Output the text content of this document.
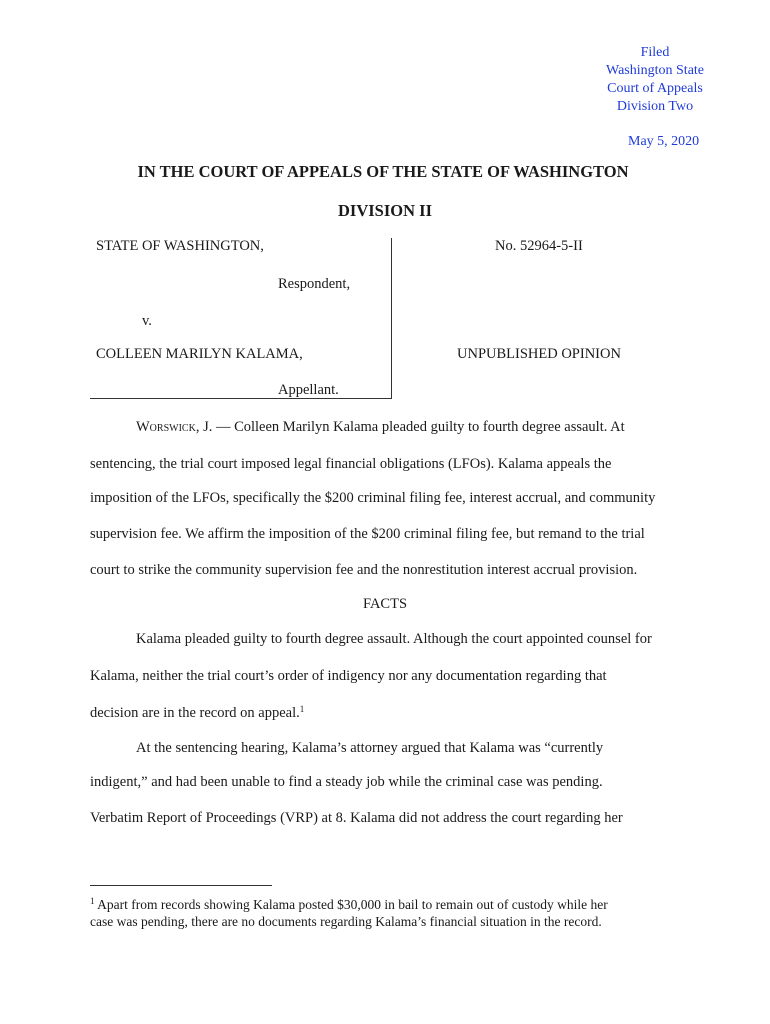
Filed
Washington State
Court of Appeals
Division Two
May 5, 2020
IN THE COURT OF APPEALS OF THE STATE OF WASHINGTON
DIVISION II
STATE OF WASHINGTON,
Respondent,
v.
COLLEEN MARILYN KALAMA,
Appellant.
No. 52964-5-II
UNPUBLISHED OPINION
Worswick, J. — Colleen Marilyn Kalama pleaded guilty to fourth degree assault. At
sentencing, the trial court imposed legal financial obligations (LFOs). Kalama appeals the
imposition of the LFOs, specifically the $200 criminal filing fee, interest accrual, and community
supervision fee. We affirm the imposition of the $200 criminal filing fee, but remand to the trial
court to strike the community supervision fee and the nonrestitution interest accrual provision.
FACTS
Kalama pleaded guilty to fourth degree assault. Although the court appointed counsel for
Kalama, neither the trial court’s order of indigency nor any documentation regarding that
decision are in the record on appeal.$^1$
At the sentencing hearing, Kalama’s attorney argued that Kalama was “currently
indigent,” and had been unable to find a steady job while the criminal case was pending.
Verbatim Report of Proceedings (VRP) at 8. Kalama did not address the court regarding her
$^1$ Apart from records showing Kalama posted $30,000 in bail to remain out of custody while her
case was pending, there are no documents regarding Kalama’s financial situation in the record.
